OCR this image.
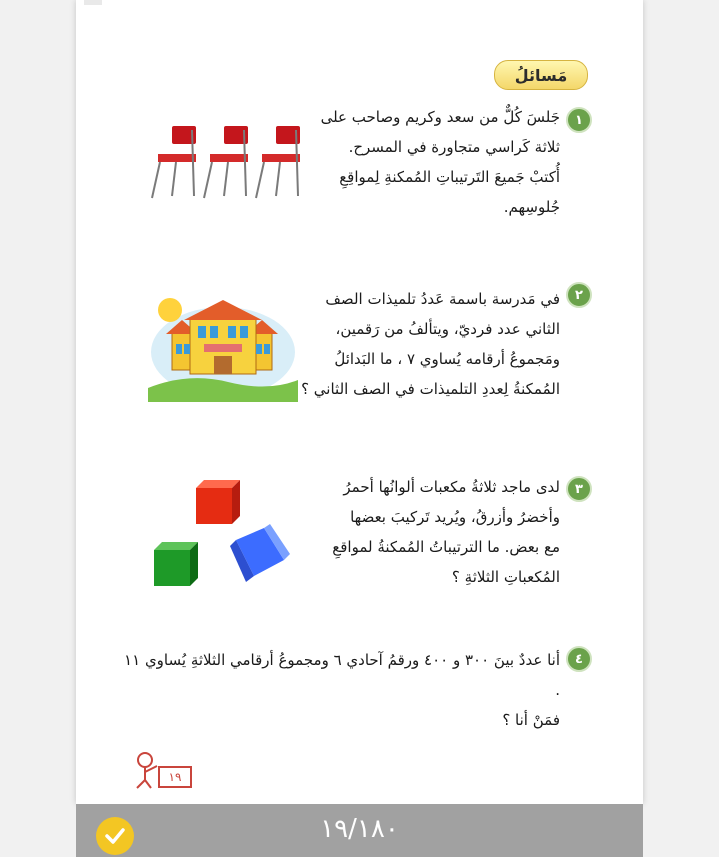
مَسائلُ
١
جَلسَ كُلٌّ من سعد وكريم وصاحب على
ثلاثة كَراسي متجاورة في المسرح.
أُكتبْ جَميعَ التَرتيباتِ المُمكنةِ لِمواقِعِ
جُلوسِهم.
٢
في مَدرسة باسمة عَددُ تلميذات الصف
الثاني عدد فرديّ، ويتألفُ من رَقمين،
ومَجموعُ أرقامه يُساوي ٧ ، ما البَدائلُ
المُمكنةُ لِعددِ التلميذات في الصف الثاني ؟
٣
لدى ماجد ثلاثةُ مكعبات ألوانُها أحمرُ
وأخضرُ وأزرقُ، ويُريد تَركيبَ بعضها
مع بعض. ما الترتيباتُ المُمكنةُ لمواقعِ
المُكعباتِ الثلاثةِ ؟
٤
أنا عددٌ بينَ ٣٠٠ و ٤٠٠ ورقمُ آحادي ٦ ومجموعُ أرقامي الثلاثةِ يُساوي ١١ .
فمَنْ أنا ؟
١٩
١٩/١٨٠
